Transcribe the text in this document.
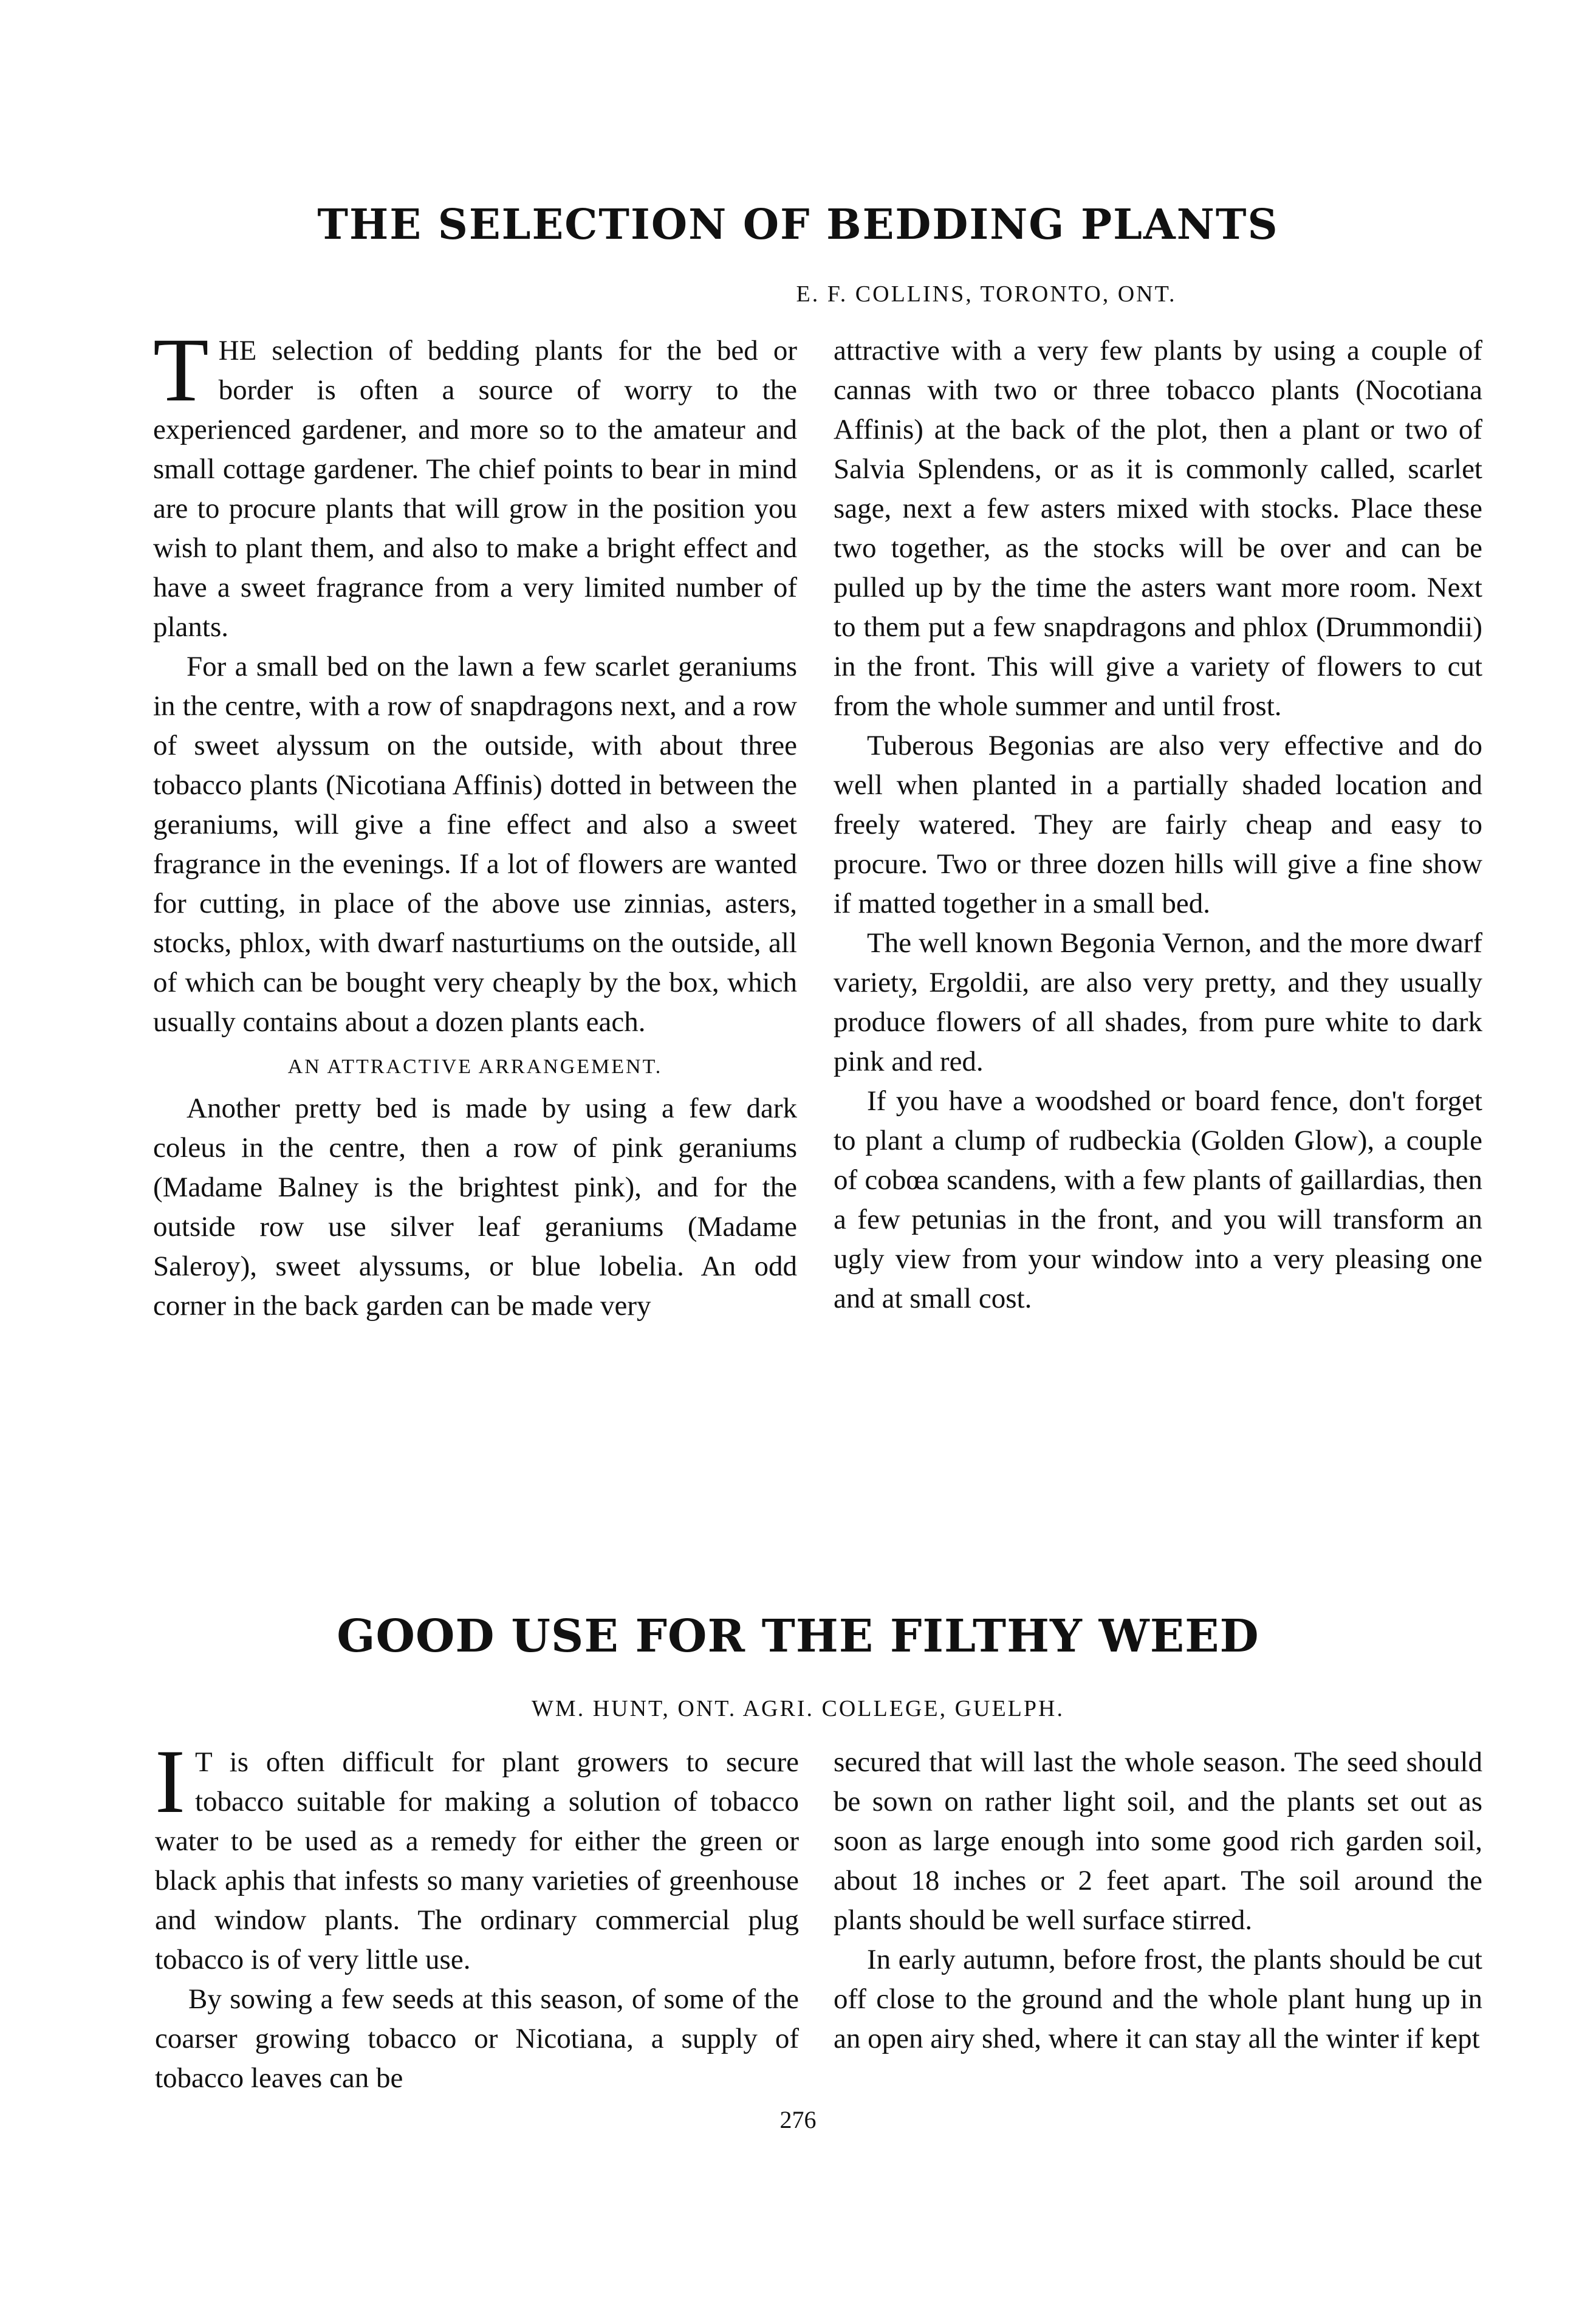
THE SELECTION OF BEDDING PLANTS
E. F. COLLINS, TORONTO, ONT.

THE selection of bedding plants for the bed or border is often a source of worry to the experienced gardener, and more so to the amateur and small cottage gardener. The chief points to bear in mind are to procure plants that will grow in the position you wish to plant them, and also to make a bright effect and have a sweet fragrance from a very limited number of plants.

For a small bed on the lawn a few scarlet geraniums in the centre, with a row of snapdragons next, and a row of sweet alyssum on the outside, with about three tobacco plants (Nicotiana Affinis) dotted in between the geraniums, will give a fine effect and also a sweet fragrance in the evenings. If a lot of flowers are wanted for cutting, in place of the above use zinnias, asters, stocks, phlox, with dwarf nasturtiums on the outside, all of which can be bought very cheaply by the box, which usually contains about a dozen plants each.

AN ATTRACTIVE ARRANGEMENT.

Another pretty bed is made by using a few dark coleus in the centre, then a row of pink geraniums (Madame Balney is the brightest pink), and for the outside row use silver leaf geraniums (Madame Saleroy), sweet alyssums, or blue lobelia. An odd corner in the back garden can be made very

attractive with a very few plants by using a couple of cannas with two or three tobacco plants (Nocotiana Affinis) at the back of the plot, then a plant or two of Salvia Splendens, or as it is commonly called, scarlet sage, next a few asters mixed with stocks. Place these two together, as the stocks will be over and can be pulled up by the time the asters want more room. Next to them put a few snapdragons and phlox (Drummondii) in the front. This will give a variety of flowers to cut from the whole summer and until frost.

Tuberous Begonias are also very effective and do well when planted in a partially shaded location and freely watered. They are fairly cheap and easy to procure. Two or three dozen hills will give a fine show if matted together in a small bed.

The well known Begonia Vernon, and the more dwarf variety, Ergoldii, are also very pretty, and they usually produce flowers of all shades, from pure white to dark pink and red.

If you have a woodshed or board fence, don't forget to plant a clump of rudbeckia (Golden Glow), a couple of cobœa scandens, with a few plants of gaillardias, then a few petunias in the front, and you will transform an ugly view from your window into a very pleasing one and at small cost.

GOOD USE FOR THE FILTHY WEED
WM. HUNT, ONT. AGRI. COLLEGE, GUELPH.

I T is often difficult for plant growers to secure tobacco suitable for making a solution of tobacco water to be used as a remedy for either the green or black aphis that infests so many varieties of greenhouse and window plants. The ordinary commercial plug tobacco is of very little use.

By sowing a few seeds at this season, of some of the coarser growing tobacco or Nicotiana, a supply of tobacco leaves can be

secured that will last the whole season. The seed should be sown on rather light soil, and the plants set out as soon as large enough into some good rich garden soil, about 18 inches or 2 feet apart. The soil around the plants should be well surface stirred.

In early autumn, before frost, the plants should be cut off close to the ground and the whole plant hung up in an open airy shed, where it can stay all the winter if kept

276
